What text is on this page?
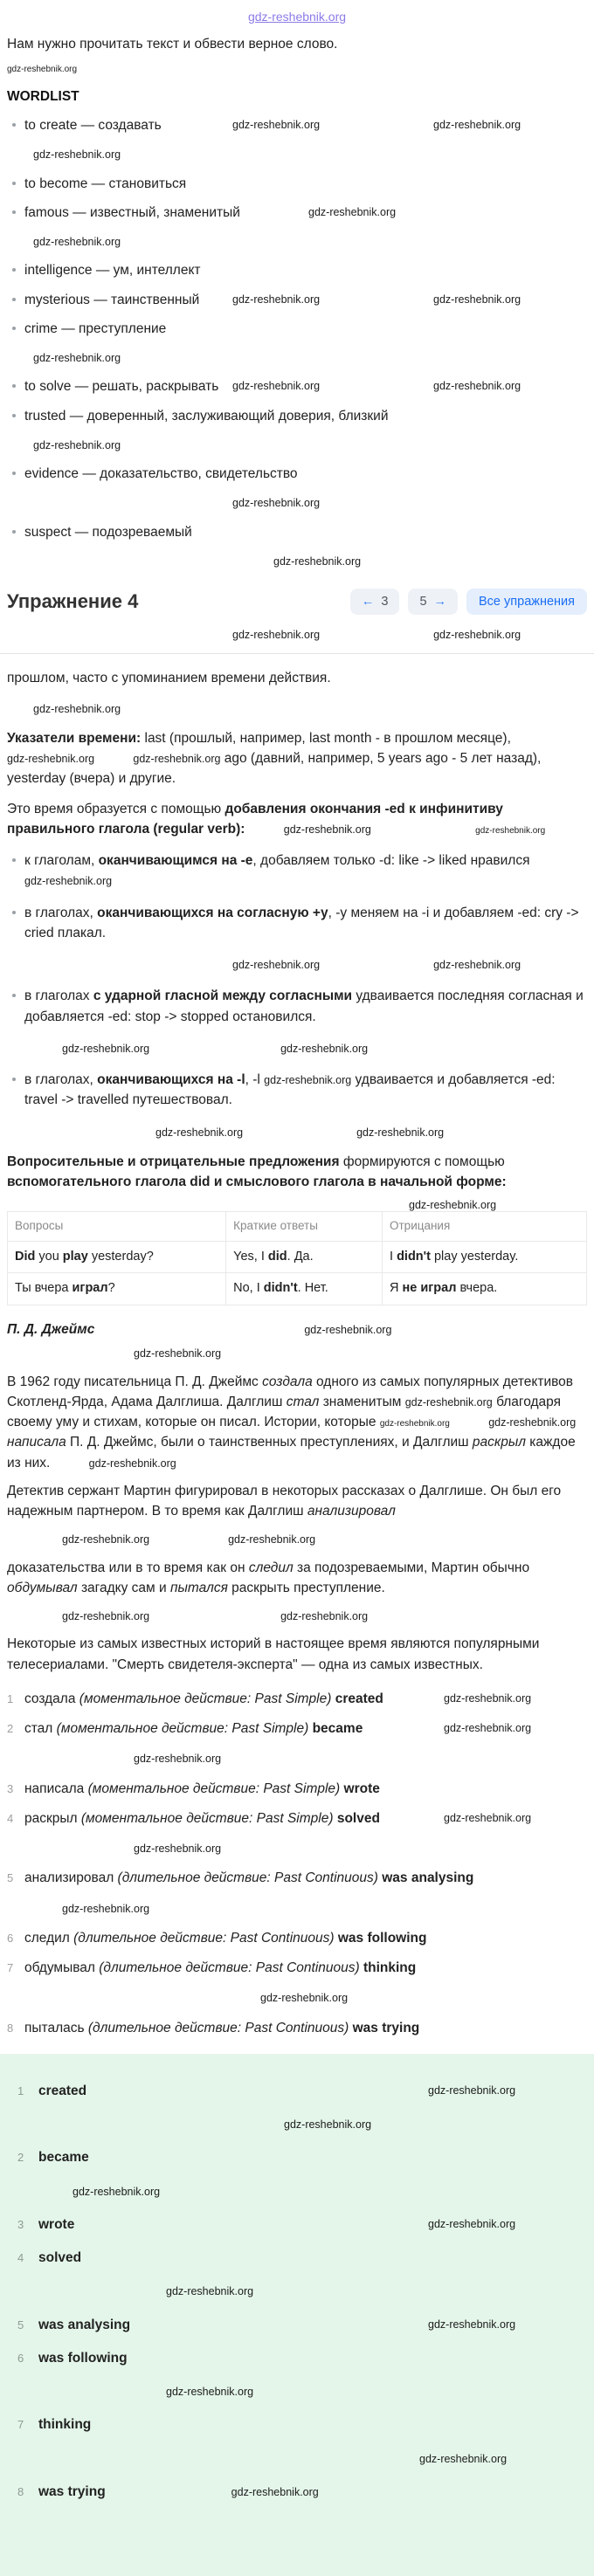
gdz-reshebnik.org

Нам нужно прочитать текст и обвести верное слово.

gdz-reshebnik.org
WORDLIST
to create — создавать	gdz-reshebnik.org	gdz-reshebnik.org
gdz-reshebnik.org
to become — становиться
famous — известный, знаменитый	gdz-reshebnik.org
gdz-reshebnik.org
intelligence — ум, интеллект
mysterious — таинственный	gdz-reshebnik.org	gdz-reshebnik.org
crime — преступление
gdz-reshebnik.org
to solve — решать, раскрывать gdz-reshebnik.org	gdz-reshebnik.org
trusted — доверенный, заслуживающий доверия, близкий
gdz-reshebnik.org
evidence — доказательство, свидетельство
gdz-reshebnik.org
suspect — подозреваемый
gdz-reshebnik.org
Упражнение 4	← 3 5 →	Все упражнения
gdz-reshebnik.org	gdz-reshebnik.org

прошлом, часто с упоминанием времени действия.

gdz-reshebnik.org

Указатели времени: last (прошлый, например, last month - в прошлом месяце), gdz-reshebnik.org	gdz-reshebnik.org ago (давний, например, 5 years ago - 5 лет назад), yesterday (вчера) и другие.

Это время образуется с помощью добавления окончания -ed к инфинитиву правильного глагола (regular verb):	gdz-reshebnik.org	gdz-reshebnik.org

к глаголам, оканчивающимся на -e, добавляем только -d: like -> liked нравился gdz-reshebnik.org
в глаголах, оканчивающихся на согласную +y, -y меняем на -i и добавляем -ed: cry -> cried плакал.
gdz-reshebnik.org	gdz-reshebnik.org
в глаголах с ударной гласной между согласными удваивается последняя согласная и добавляется -ed: stop -> stopped остановился.
gdz-reshebnik.org	gdz-reshebnik.org
в глаголах, оканчивающихся на -l, -l gdz-reshebnik.org удваивается и добавляется -ed: travel -> travelled путешествовал.
gdz-reshebnik.org	gdz-reshebnik.org

Вопросительные и отрицательные предложения формируются с помощью вспомогательного глагола did и смыслового глагола в начальной форме:

gdz-reshebnik.org
Вопросы	Краткие ответы	Отрицания
Did you play yesterday?	Yes, I did. Да.	I didn't play yesterday.
Ты вчера играл?	No, I didn't. Нет.	Я не играл вчера.
П. Д. Джеймс	gdz-reshebnik.org
gdz-reshebnik.org

В 1962 году писательница П. Д. Джеймс создала одного из самых популярных детективов Скотленд-Ярда, Адама Далглиша. Далглиш стал знаменитым gdz-reshebnik.org благодаря своему уму и стихам, которые он писал. Истории, которые gdz-reshebnik.org	gdz-reshebnik.org написала П. Д. Джеймс, были о таинственных преступлениях, и Далглиш раскрыл каждое из них.	gdz-reshebnik.org

Детектив сержант Мартин фигурировал в некоторых рассказах о Далглише. Он был его надежным партнером. В то время как Далглиш анализировал

gdz-reshebnik.org	gdz-reshebnik.org

доказательства или в то время как он следил за подозреваемыми, Мартин обычно обдумывал загадку сам и пытался раскрыть преступление.

gdz-reshebnik.org	gdz-reshebnik.org

Некоторые из самых известных историй в настоящее время являются популярными телесериалами. "Смерть свидетеля-эксперта" — одна из самых известных.

1 создала (моментальное действие: Past Simple) created	gdz-reshebnik.org
2 стал (моментальное действие: Past Simple) became	gdz-reshebnik.org
gdz-reshebnik.org
3 написала (моментальное действие: Past Simple) wrote
4 раскрыл (моментальное действие: Past Simple) solved	gdz-reshebnik.org
gdz-reshebnik.org
5 анализировал (длительное действие: Past Continuous) was analysing
gdz-reshebnik.org
6 следил (длительное действие: Past Continuous) was following
7 обдумывал (длительное действие: Past Continuous) thinking
gdz-reshebnik.org
8 пыталась (длительное действие: Past Continuous) was trying
1 created	gdz-reshebnik.org
gdz-reshebnik.org
2 became
gdz-reshebnik.org
3 wrote	gdz-reshebnik.org
4 solved
gdz-reshebnik.org
5 was analysing	gdz-reshebnik.org
6 was following
gdz-reshebnik.org
7 thinking
gdz-reshebnik.org
8 was trying	gdz-reshebnik.org
